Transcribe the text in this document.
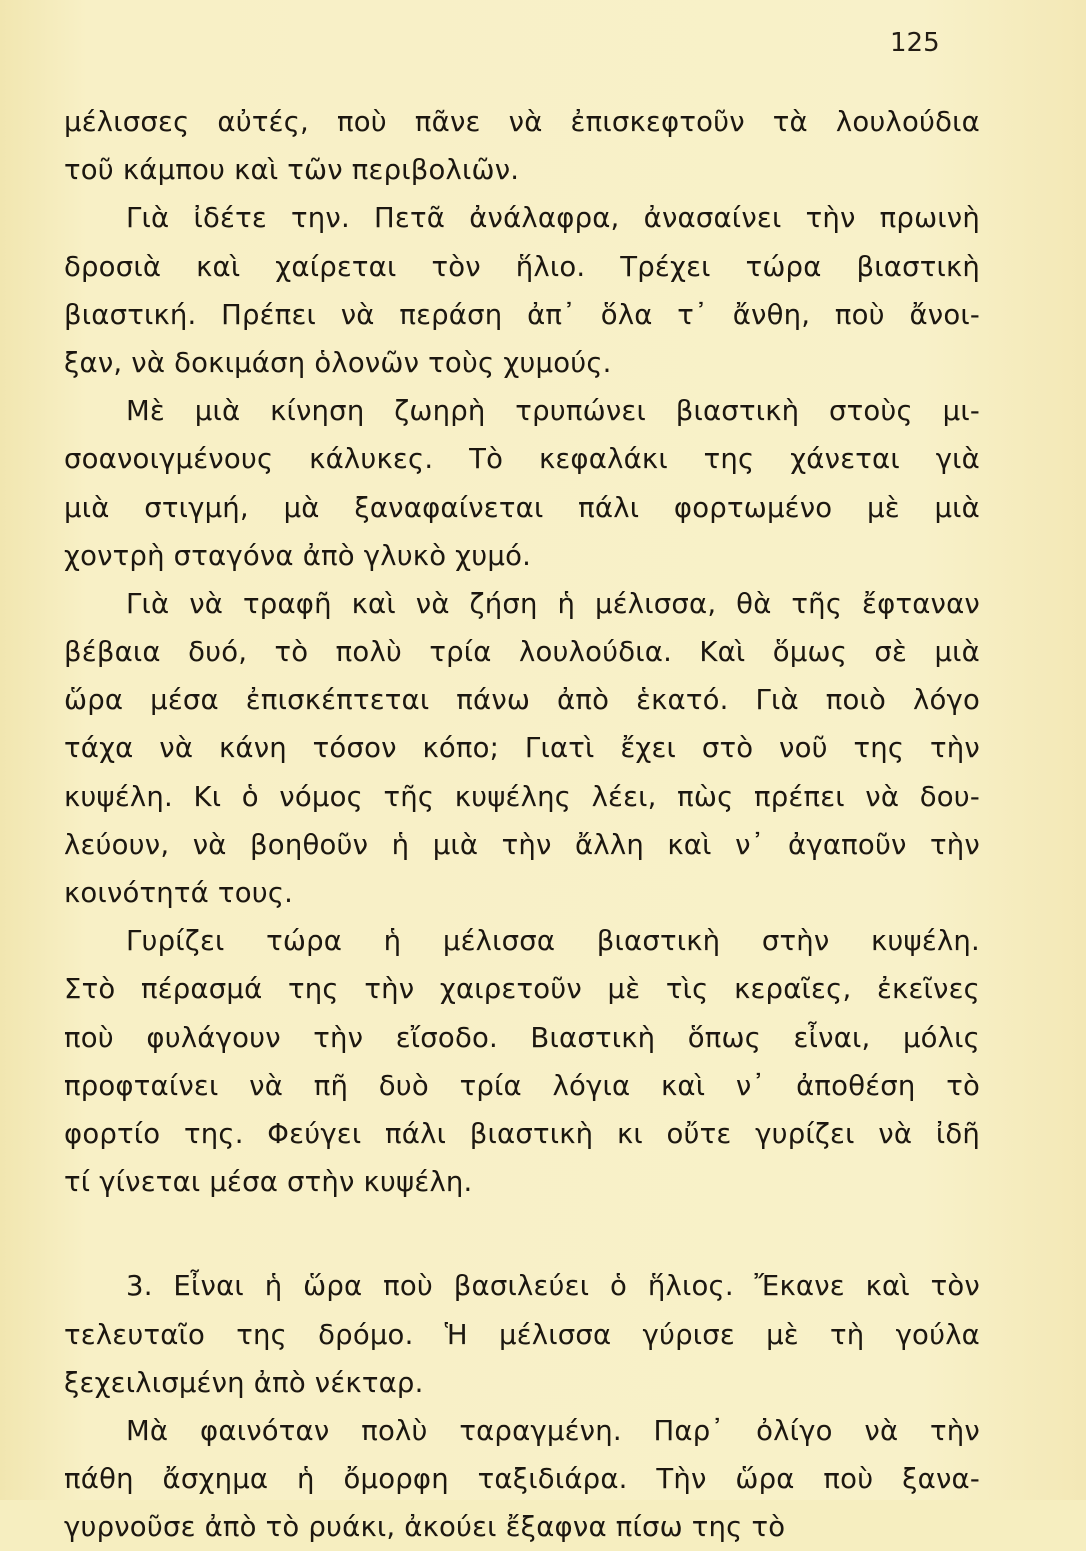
125
μέλισσες αὐτές, ποὺ πᾶνε νὰ ἐπισκεφτοῦν τὰ λουλούδια
τοῦ κάμπου καὶ τῶν περιβολιῶν.
Γιὰ ἰδέτε την. Πετᾶ ἀνάλαφρα, ἀνασαίνει τὴν πρωινὴ
δροσιὰ καὶ χαίρεται τὸν ἥλιο. Τρέχει τώρα βιαστικὴ
βιαστική. Πρέπει νὰ περάση ἀπ᾿ ὅλα τ᾿ ἄνθη, ποὺ ἄνοι-
ξαν, νὰ δοκιμάση ὁλονῶν τοὺς χυμούς.
Μὲ μιὰ κίνηση ζωηρὴ τρυπώνει βιαστικὴ στοὺς μι-
σοανοιγμένους κάλυκες. Τὸ κεφαλάκι της χάνεται γιὰ
μιὰ στιγμή, μὰ ξαναφαίνεται πάλι φορτωμένο μὲ μιὰ
χοντρὴ σταγόνα ἀπὸ γλυκὸ χυμό.
Γιὰ νὰ τραφῆ καὶ νὰ ζήση ἡ μέλισσα, θὰ τῆς ἔφταναν
βέβαια δυό, τὸ πολὺ τρία λουλούδια. Καὶ ὅμως σὲ μιὰ
ὥρα μέσα ἐπισκέπτεται πάνω ἀπὸ ἑκατό. Γιὰ ποιὸ λόγο
τάχα νὰ κάνη τόσον κόπο; Γιατὶ ἔχει στὸ νοῦ της τὴν
κυψέλη. Κι ὁ νόμος τῆς κυψέλης λέει, πὼς πρέπει νὰ δου-
λεύουν, νὰ βοηθοῦν ἡ μιὰ τὴν ἄλλη καὶ ν᾿ ἀγαποῦν τὴν
κοινότητά τους.
Γυρίζει τώρα ἡ μέλισσα βιαστικὴ στὴν κυψέλη.
Στὸ πέρασμά της τὴν χαιρετοῦν μὲ τὶς κεραῖες, ἐκεῖνες
ποὺ φυλάγουν τὴν εἴσοδο. Βιαστικὴ ὅπως εἶναι, μόλις
προφταίνει νὰ πῆ δυὸ τρία λόγια καὶ ν᾿ ἀποθέση τὸ
φορτίο της. Φεύγει πάλι βιαστικὴ κι οὔτε γυρίζει νὰ ἰδῆ
τί γίνεται μέσα στὴν κυψέλη.
3. Εἶναι ἡ ὥρα ποὺ βασιλεύει ὁ ἥλιος. Ἔκανε καὶ τὸν
τελευταῖο της δρόμο. Ἡ μέλισσα γύρισε μὲ τὴ γούλα
ξεχειλισμένη ἀπὸ νέκταρ.
Μὰ φαινόταν πολὺ ταραγμένη. Παρ᾿ ὀλίγο νὰ τὴν
πάθη ἄσχημα ἡ ὄμορφη ταξιδιάρα. Τὴν ὥρα ποὺ ξανα-
γυρνοῦσε ἀπὸ τὸ ρυάκι, ἀκούει ἔξαφνα πίσω της τὸ
